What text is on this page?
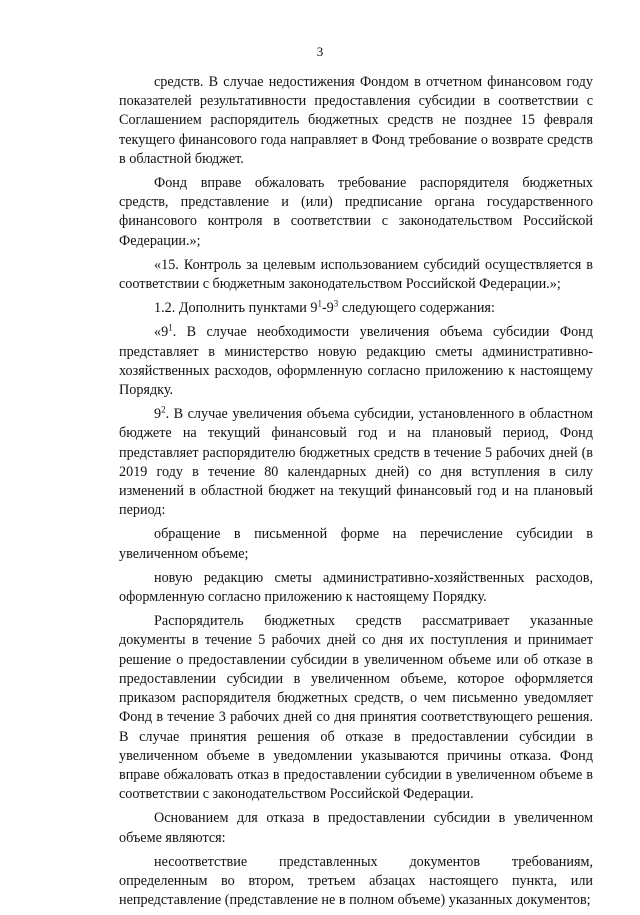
3

средств. В случае недостижения Фондом в отчетном финансовом году показателей результативности предоставления субсидии в соответствии с Соглашением распорядитель бюджетных средств не позднее 15 февраля текущего финансового года направляет в Фонд требование о возврате средств в областной бюджет.

Фонд вправе обжаловать требование распорядителя бюджетных средств, представление и (или) предписание органа государственного финансового контроля в соответствии с законодательством Российской Федерации.»;

«15. Контроль за целевым использованием субсидий осуществляется в соответствии с бюджетным законодательством Российской Федерации.»;

1.2. Дополнить пунктами $9^1-9^3$ следующего содержания:

«$9^1$. В случае необходимости увеличения объема субсидии Фонд представляет в министерство новую редакцию сметы административно-хозяйственных расходов, оформленную согласно приложению к настоящему Порядку.

$9^2$. В случае увеличения объема субсидии, установленного в областном бюджете на текущий финансовый год и на плановый период, Фонд представляет распорядителю бюджетных средств в течение 5 рабочих дней (в 2019 году в течение 80 календарных дней) со дня вступления в силу изменений в областной бюджет на текущий финансовый год и на плановый период:

обращение в письменной форме на перечисление субсидии в увеличенном объеме;

новую редакцию сметы административно-хозяйственных расходов, оформленную согласно приложению к настоящему Порядку.

Распорядитель бюджетных средств рассматривает указанные документы в течение 5 рабочих дней со дня их поступления и принимает решение о предоставлении субсидии в увеличенном объеме или об отказе в предоставлении субсидии в увеличенном объеме, которое оформляется приказом распорядителя бюджетных средств, о чем письменно уведомляет Фонд в течение 3 рабочих дней со дня принятия соответствующего решения. В случае принятия решения об отказе в предоставлении субсидии в увеличенном объеме в уведомлении указываются причины отказа. Фонд вправе обжаловать отказ в предоставлении субсидии в увеличенном объеме в соответствии с законодательством Российской Федерации.

Основанием для отказа в предоставлении субсидии в увеличенном объеме являются:

несоответствие представленных документов требованиям, определенным во втором, третьем абзацах настоящего пункта, или непредставление (представление не в полном объеме) указанных документов;
